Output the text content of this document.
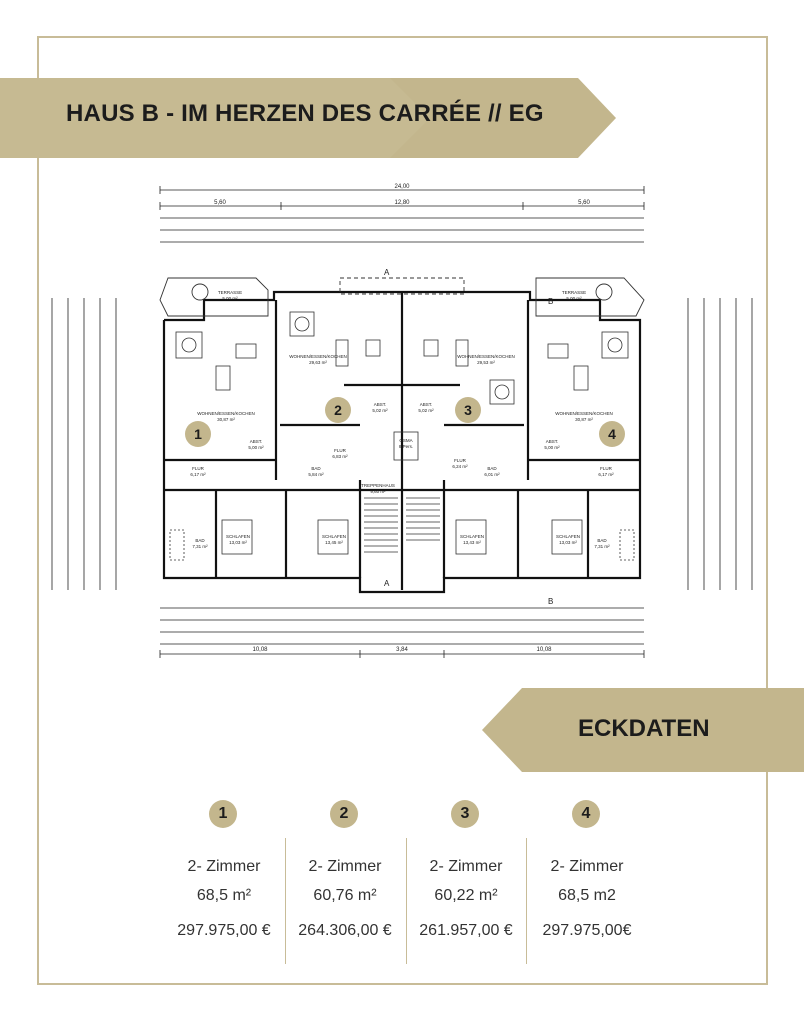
HAUS B - IM HERZEN DES CARRÉE // EG
24,00
5,60	12,80	5,60
10,08	3,84	10,08
A
A
B
B
TERRASSE
5,00 m²
TERRASSE
5,00 m²
WOHNEN/ESSEN/KOCHEN
30,87 m²
WOHNEN/ESSEN/KOCHEN
29,63 m²
WOHNEN/ESSEN/KOCHEN
29,53 m²
WOHNEN/ESSEN/KOCHEN
30,87 m²
ABST.
5,00 m²
ABST.
5,02 m²
ABST.
5,02 m²
ABST.
5,00 m²
FLUR
6,17 m²
FLUR
6,83 m²
FLUR
6,24 m²	FLUR
6,17 m²
BAD
7,31 m²
BAD
5,84 m²
BAD
6,01 m²
BAD
7,31 m²
SCHLAFEN
13,03 m²
SCHLAFEN
13,45 m²
SCHLAFEN
13,43 m²
SCHLAFEN
13,03 m²
TREPPENHAUS
9,60 m²
OSMA
8 Pers.
1
2	3
4
ECKDATEN
1
2- Zimmer
68,5 m²
297.975,00 €
2
2- Zimmer
60,76 m²
264.306,00 €
3
2- Zimmer
60,22 m²
261.957,00 €
4
2- Zimmer
68,5 m2
297.975,00€
